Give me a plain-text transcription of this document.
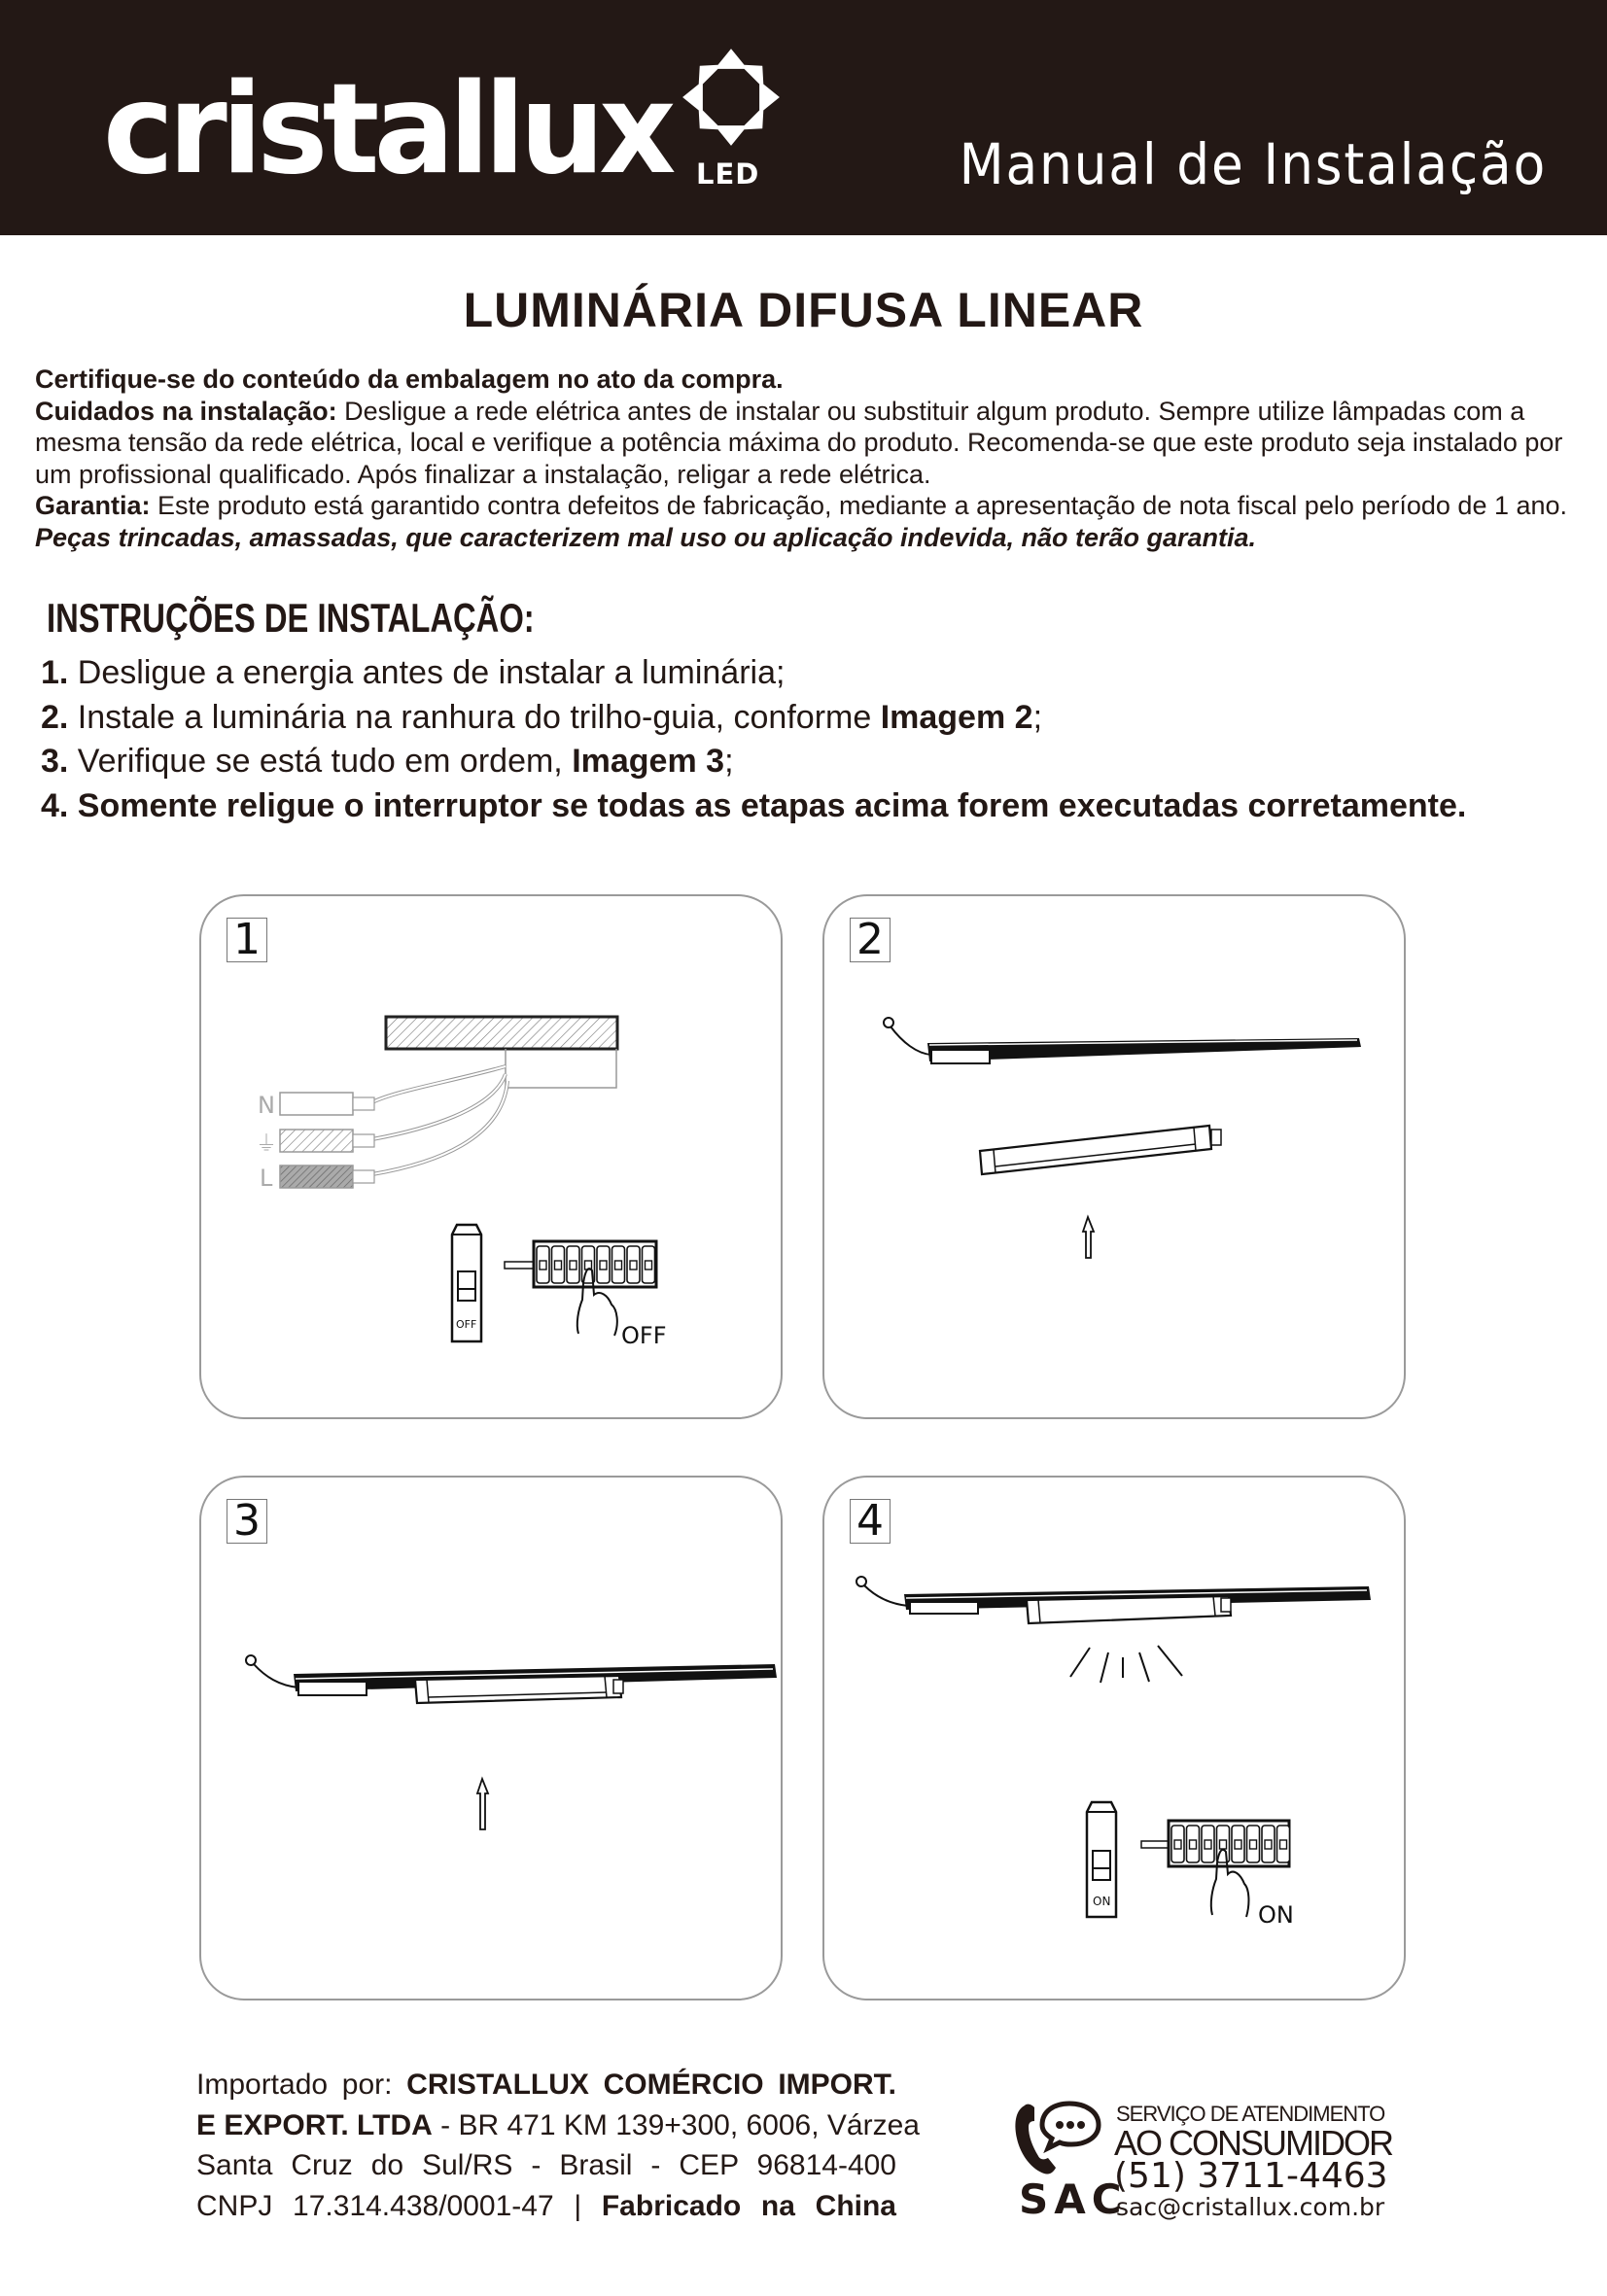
cristallux LED	Manual de Instalação
LUMINÁRIA DIFUSA LINEAR

Certifique-se do conteúdo da embalagem no ato da compra.

Cuidados na instalação: Desligue a rede elétrica antes de instalar ou substituir algum produto. Sempre utilize lâmpadas com a mesma tensão da rede elétrica, local e verifique a potência máxima do produto. Recomenda-se que este produto seja instalado por um profissional qualificado. Após finalizar a instalação, religar a rede elétrica.

Garantia: Este produto está garantido contra defeitos de fabricação, mediante a apresentação de nota fiscal pelo período de 1 ano. Peças trincadas, amassadas, que caracterizem mal uso ou aplicação indevida, não terão garantia.

INSTRUÇÕES DE INSTALAÇÃO:

1. Desligue a energia antes de instalar a luminária;

2. Instale a luminária na ranhura do trilho-guia, conforme Imagem 2;

3. Verifique se está tudo em ordem, Imagem 3;

4. Somente religue o interruptor se todas as etapas acima forem executadas corretamente.

1
N
⏚
L
OFF	OFF
2
3	4
ON	ON
Importado por: CRISTALLUX COMÉRCIO IMPORT.
E EXPORT. LTDA - BR 471 KM 139+300, 6006, Várzea
Santa Cruz do Sul/RS - Brasil - CEP 96814-400
CNPJ 17.314.438/0001-47 | Fabricado na China	SAC
SERVIÇO DE ATENDIMENTO
AO CONSUMIDOR
(51) 3711-4463
sac@cristallux.com.br
